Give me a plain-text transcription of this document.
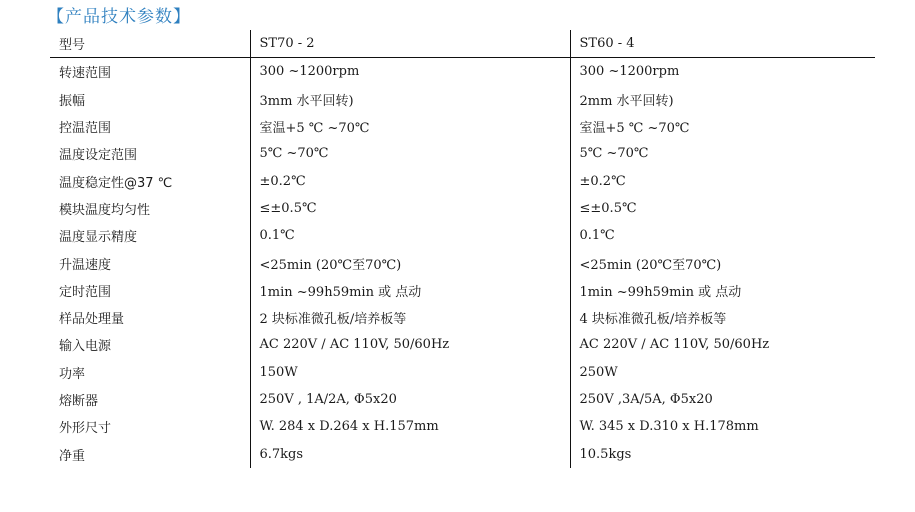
【产品技术参数】
型号	ST70 - 2	ST60 - 4
转速范围	300 ~1200rpm	300 ~1200rpm
振幅	3mm 水平回转)	2mm 水平回转)
控温范围	室温+5 ℃ ~70℃	室温+5 ℃ ~70℃
温度设定范围	5℃ ~70℃	5℃ ~70℃
温度稳定性@37 ℃	±0.2℃	±0.2℃
模块温度均匀性	≤±0.5℃	≤±0.5℃
温度显示精度	0.1℃	0.1℃
升温速度	<25min (20℃至70℃)	<25min (20℃至70℃)
定时范围	1min ~99h59min 或 点动	1min ~99h59min 或 点动
样品处理量	2 块标准微孔板/培养板等	4 块标准微孔板/培养板等
输入电源	AC 220V / AC 110V, 50/60Hz	AC 220V / AC 110V, 50/60Hz
功率	150W	250W
熔断器	250V , 1A/2A, Φ5x20	250V ,3A/5A, Φ5x20
外形尺寸	W. 284 x D.264 x H.157mm	W. 345 x D.310 x H.178mm
净重	6.7kgs	10.5kgs
